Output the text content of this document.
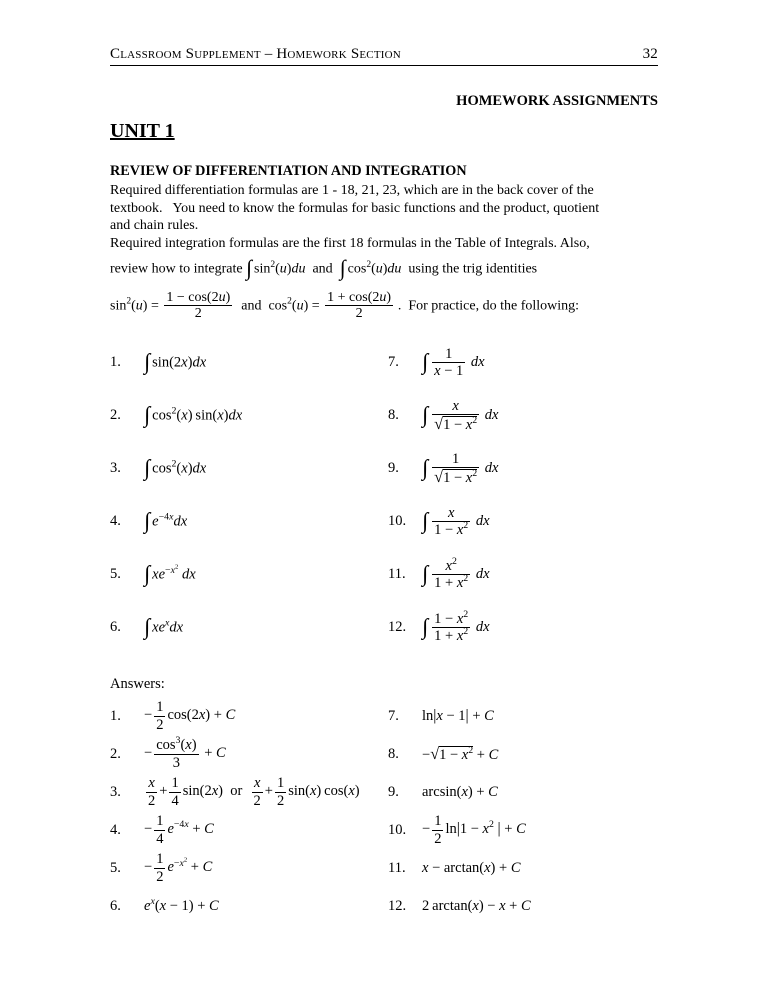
Classroom Supplement – Homework Section	32
HOMEWORK ASSIGNMENTS
UNIT 1
REVIEW OF DIFFERENTIATION AND INTEGRATION
Required differentiation formulas are 1 - 18, 21, 23, which are in the back cover of the
textbook.   You need to know the formulas for basic functions and the product, quotient
and chain rules.
Required integration formulas are the first 18 formulas in the Table of Integrals. Also,
review how to integrate ∫ $\sin^2(u)du$  and  ∫ $\cos^2(u)du$  using the trig identities
$\sin^2(u) = \frac{1 - \cos(2u)}{2}$ and  $\cos^2(u) = \frac{1 + \cos(2u)}{2}$  .  For practice, do the following:
1.	∫ sin(2x)dx	7.	∫ $\frac{1}{x - 1}$ dx
2.	∫ $\cos^2(x)$ sin(x)dx	8.	∫ $\frac{x}{√1 - x^2}$ dx
3.	∫ $\cos^2(x)dx$	9.	∫ $\frac{1}{√1 - x^2}$ dx
4.	∫ $e^{-4x}dx$	10. ∫ $\frac{x}{1 - x^2}$ dx
5.	∫ $xe^{-x^2}$ dx	11. ∫ $\frac{x^2}{1 + x^2}$ dx
6.	∫ $xe^xdx$	12. ∫ $\frac{1 - x^2}{1 + x^2}$ dx
Answers:
1.	− $\frac{1}{2} \cos(2x) + C$	7.	ln|x − 1| + C
2.	− $\frac{\cos^3(x)}{3} + C$	8.	$-√1 - x^2 + C$
3.	$\frac{x}{2} + \frac{1}{4} \sin(2x)$  or $\frac{x}{2} + \frac{1}{2} \sin(x)$ cos(x) 9.	arcsin(x) + C
4.	− $\frac{1}{4} e^{-4x} + C$	10.	− $\frac{1}{2} \ln|1 - x^2$ | + C
5.	− $\frac{1}{2} e^{-x^2} + C$	11.	x − arctan(x) + C
6.	$e^x(x - 1) + C$	12.	2 arctan(x) − x + C
